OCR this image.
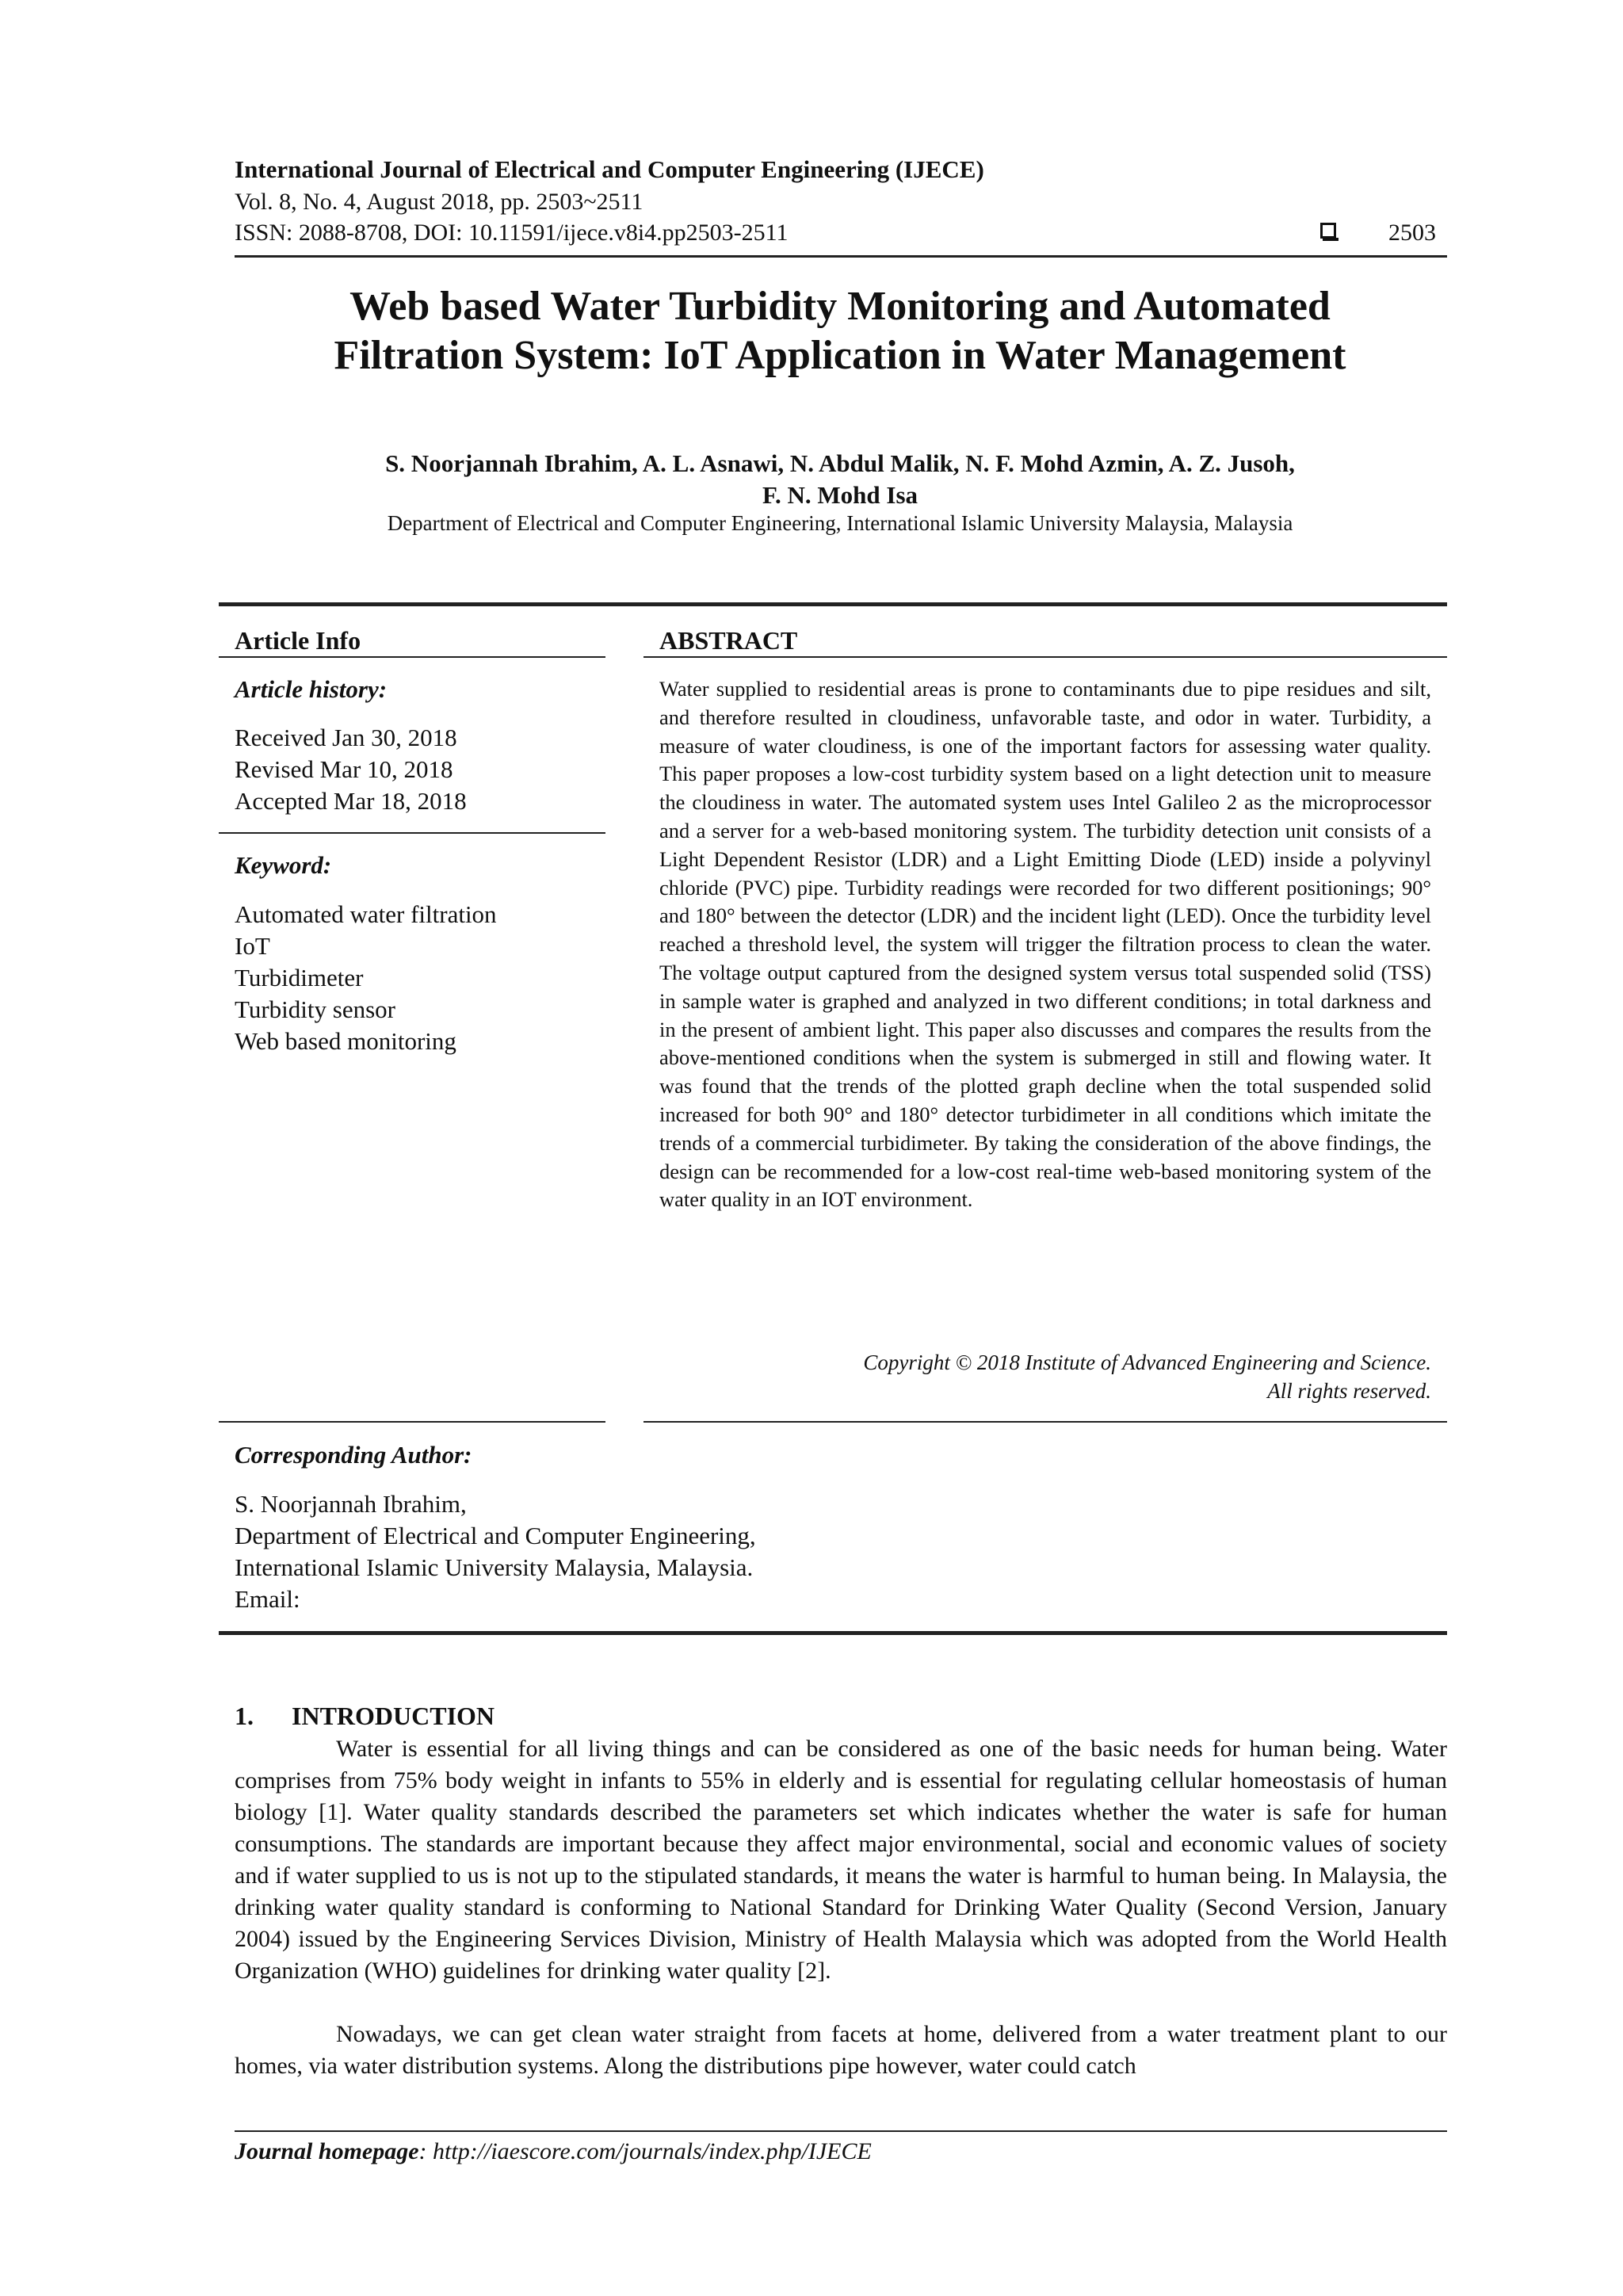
International Journal of Electrical and Computer Engineering (IJECE)
Vol. 8, No. 4, August 2018, pp. 2503~2511
ISSN: 2088-8708, DOI: 10.11591/ijece.v8i4.pp2503-2511	2503
Web based Water Turbidity Monitoring and Automated
Filtration System: IoT Application in Water Management
S. Noorjannah Ibrahim, A. L. Asnawi, N. Abdul Malik, N. F. Mohd Azmin, A. Z. Jusoh,
F. N. Mohd Isa
Department of Electrical and Computer Engineering, International Islamic University Malaysia, Malaysia
Article Info
Article history:
Received Jan 30, 2018
Revised Mar 10, 2018
Accepted Mar 18, 2018
Keyword:
Automated water filtration
IoT
Turbidimeter
Turbidity sensor
Web based monitoring
ABSTRACT
Water supplied to residential areas is prone to contaminants due to pipe residues and silt, and therefore resulted in cloudiness, unfavorable taste, and odor in water. Turbidity, a measure of water cloudiness, is one of the important factors for assessing water quality. This paper proposes a low-cost turbidity system based on a light detection unit to measure the cloudiness in water. The automated system uses Intel Galileo 2 as the microprocessor and a server for a web-based monitoring system. The turbidity detection unit consists of a Light Dependent Resistor (LDR) and a Light Emitting Diode (LED) inside a polyvinyl chloride (PVC) pipe. Turbidity readings were recorded for two different positionings; 90° and 180° between the detector (LDR) and the incident light (LED). Once the turbidity level reached a threshold level, the system will trigger the filtration process to clean the water. The voltage output captured from the designed system versus total suspended solid (TSS) in sample water is graphed and analyzed in two different conditions; in total darkness and in the present of ambient light. This paper also discusses and compares the results from the above-mentioned conditions when the system is submerged in still and flowing water. It was found that the trends of the plotted graph decline when the total suspended solid increased for both 90° and 180° detector turbidimeter in all conditions which imitate the trends of a commercial turbidimeter. By taking the consideration of the above findings, the design can be recommended for a low-cost real-time web-based monitoring system of the water quality in an IOT environment.
Copyright © 2018 Institute of Advanced Engineering and Science.
All rights reserved.
Corresponding Author:
S. Noorjannah Ibrahim,
Department of Electrical and Computer Engineering,
International Islamic University Malaysia, Malaysia.
Email:
1.      INTRODUCTION
Water is essential for all living things and can be considered as one of the basic needs for human being. Water comprises from 75% body weight in infants to 55% in elderly and is essential for regulating cellular homeostasis of human biology [1]. Water quality standards described the parameters set which indicates whether the water is safe for human consumptions. The standards are important because they affect major environmental, social and economic values of society and if water supplied to us is not up to the stipulated standards, it means the water is harmful to human being. In Malaysia, the drinking water quality standard is conforming to National Standard for Drinking Water Quality (Second Version, January 2004) issued by the Engineering Services Division, Ministry of Health Malaysia which was adopted from the World Health Organization (WHO) guidelines for drinking water quality [2].
Nowadays, we can get clean water straight from facets at home, delivered from a water treatment plant to our homes, via water distribution systems. Along the distributions pipe however, water could catch
Journal homepage: http://iaescore.com/journals/index.php/IJECE
